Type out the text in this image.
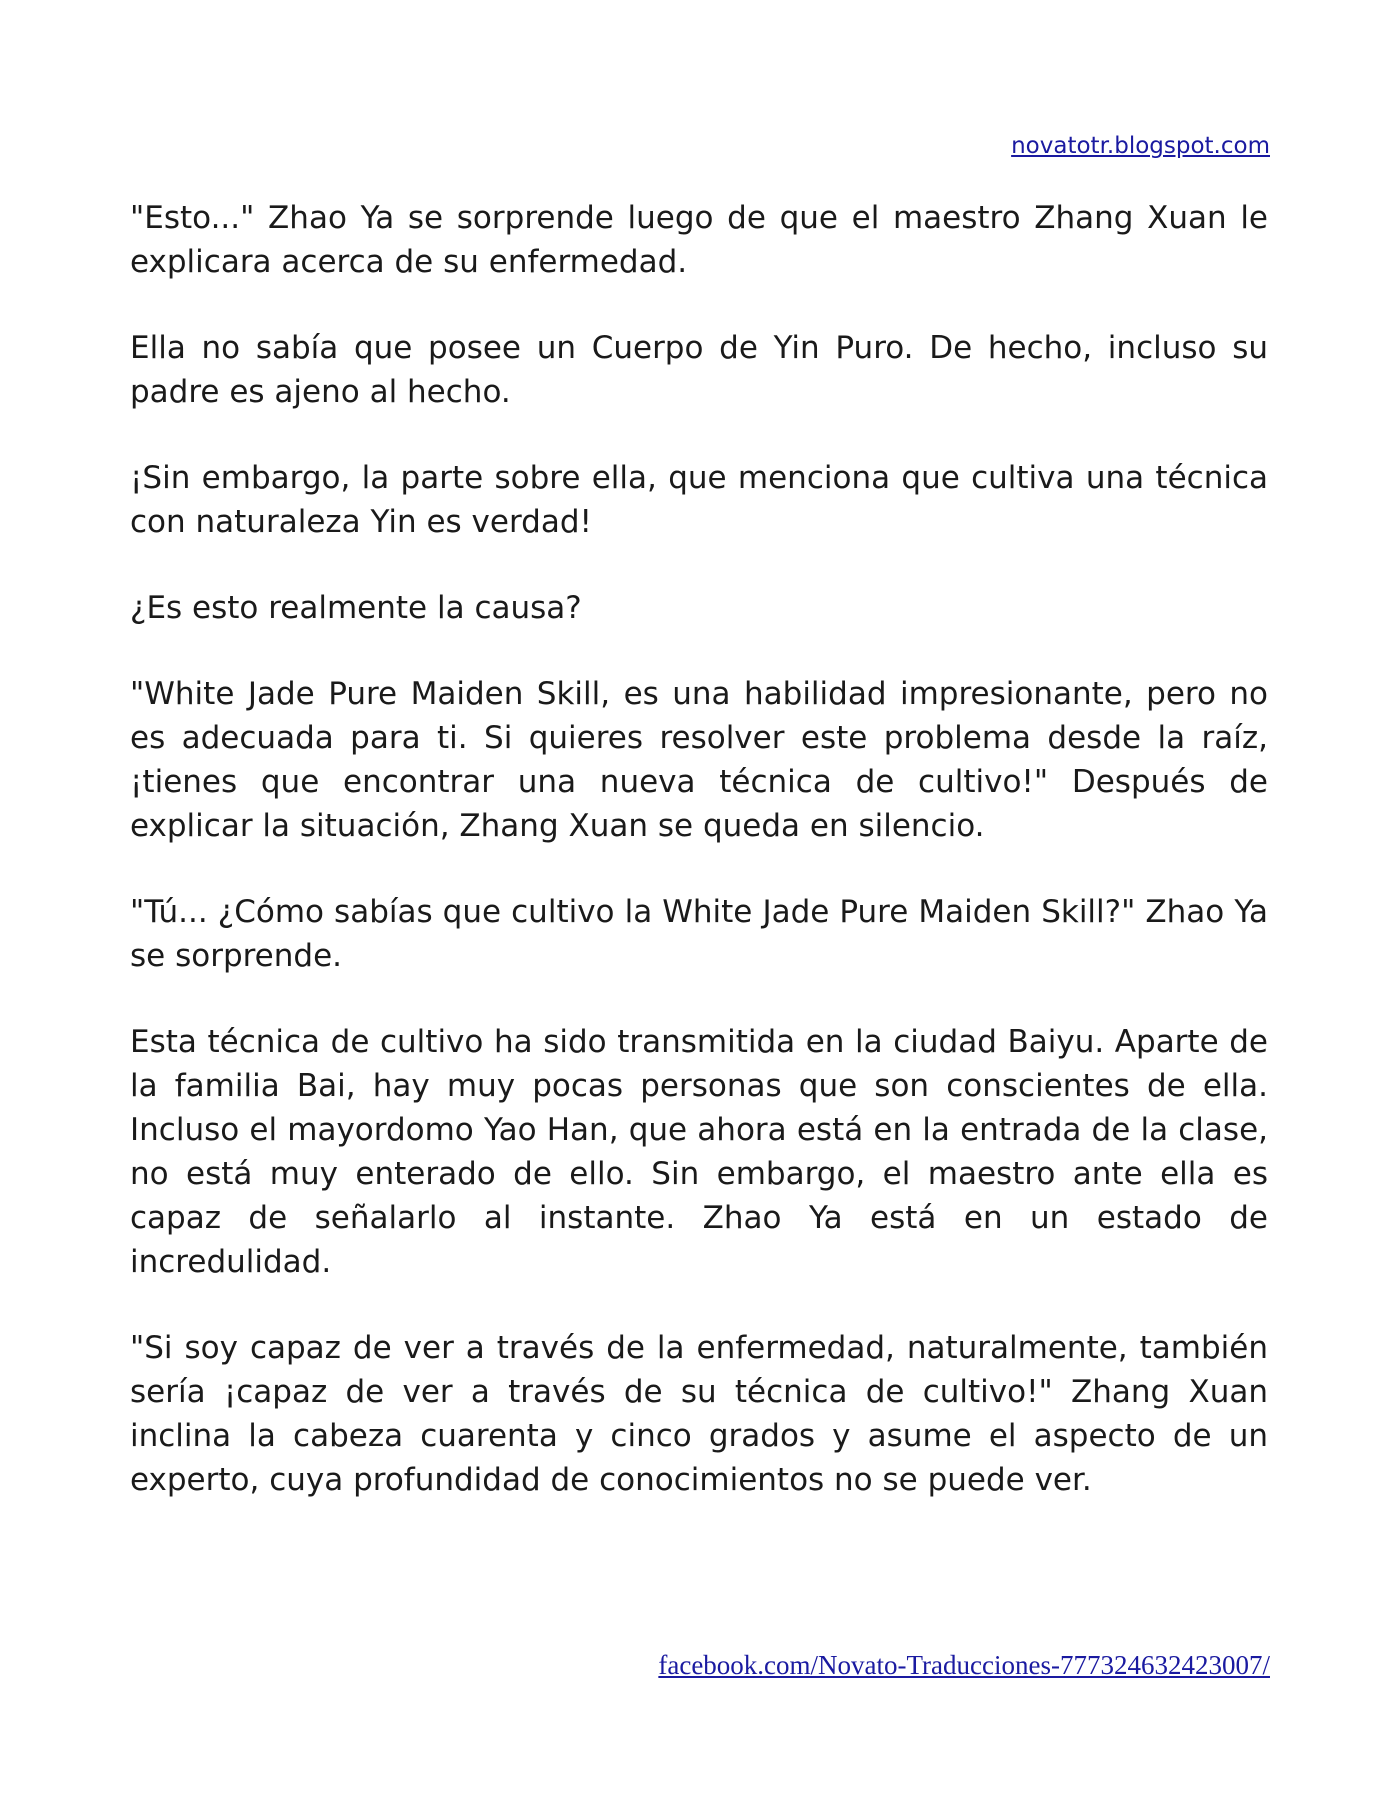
novatotr.blogspot.com

"Esto..." Zhao Ya se sorprende luego de que el maestro Zhang Xuan le explicara acerca de su enfermedad.

Ella no sabía que posee un Cuerpo de Yin Puro. De hecho, incluso su padre es ajeno al hecho.

¡Sin embargo, la parte sobre ella, que menciona que cultiva una técnica con naturaleza Yin es verdad!

¿Es esto realmente la causa?

"White Jade Pure Maiden Skill, es una habilidad impresionante, pero no es adecuada para ti. Si quieres resolver este problema desde la raíz, ¡tienes que encontrar una nueva técnica de cultivo!" Después de explicar la situación, Zhang Xuan se queda en silencio.

"Tú... ¿Cómo sabías que cultivo la White Jade Pure Maiden Skill?" Zhao Ya se sorprende.

Esta técnica de cultivo ha sido transmitida en la ciudad Baiyu. Aparte de la familia Bai, hay muy pocas personas que son conscientes de ella. Incluso el mayordomo Yao Han, que ahora está en la entrada de la clase, no está muy enterado de ello. Sin embargo, el maestro ante ella es capaz de señalarlo al instante. Zhao Ya está en un estado de incredulidad.

"Si soy capaz de ver a través de la enfermedad, naturalmente, también sería ¡capaz de ver a través de su técnica de cultivo!" Zhang Xuan inclina la cabeza cuarenta y cinco grados y asume el aspecto de un experto, cuya profundidad de conocimientos no se puede ver.

facebook.com/Novato-Traducciones-777324632423007/
